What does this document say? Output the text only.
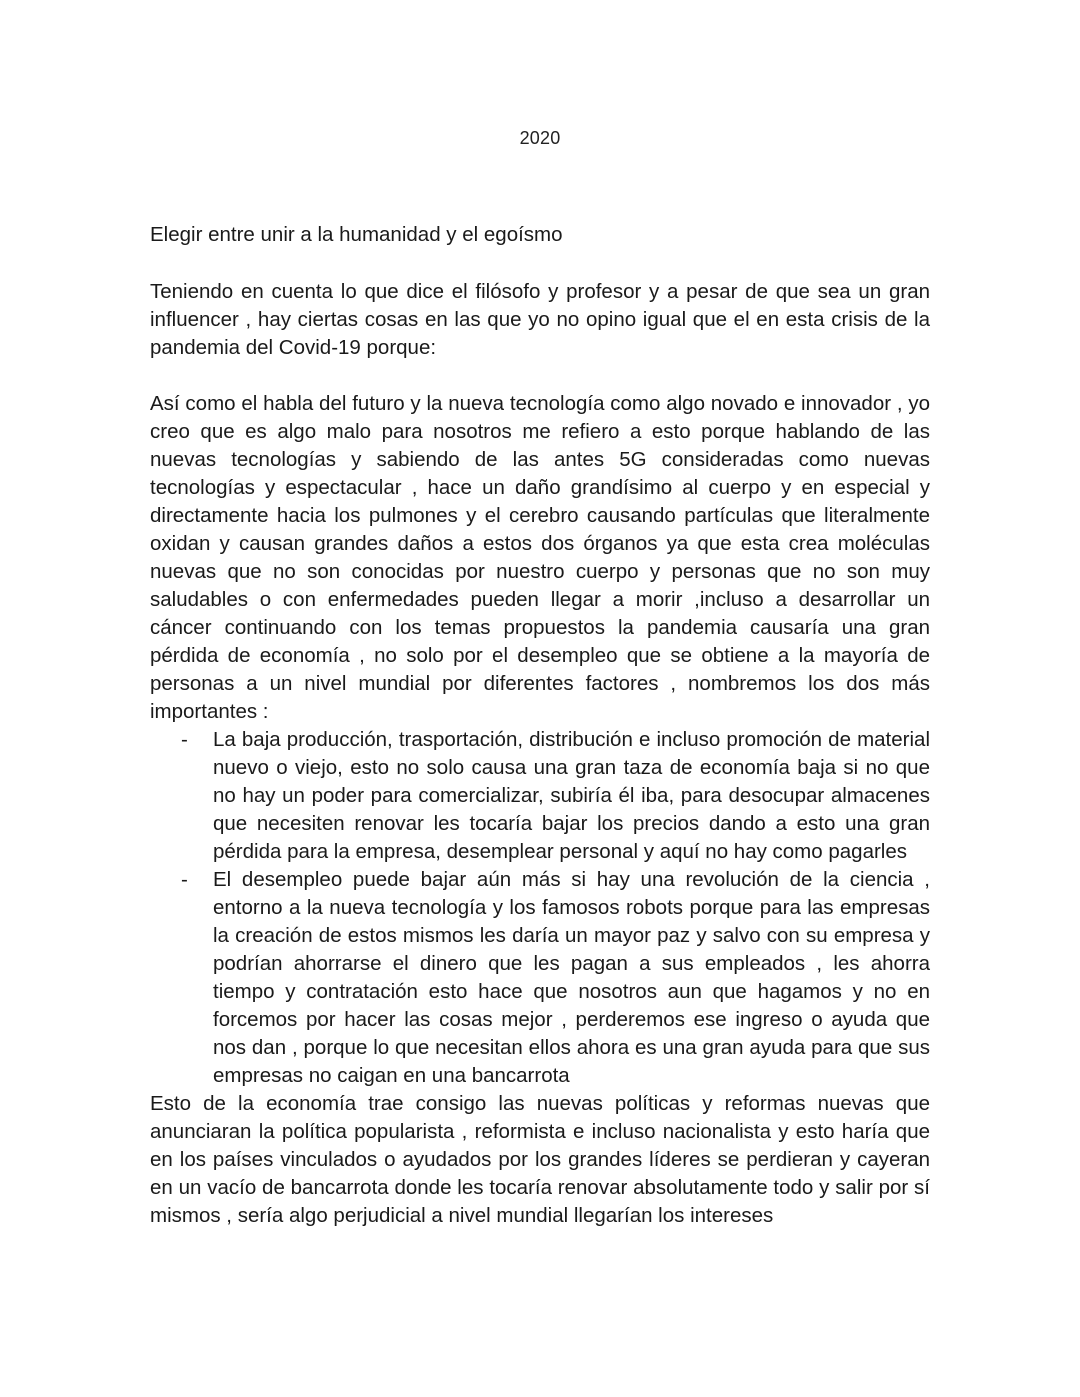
2020
Elegir entre unir a la humanidad y el egoísmo

Teniendo en cuenta lo que dice el filósofo y profesor y a pesar de que sea un gran influencer , hay ciertas cosas en las que yo no opino igual que el en esta crisis de la pandemia del Covid-19 porque:

Así como el habla del futuro y la nueva tecnología como algo novado e innovador , yo creo que es algo malo para nosotros me refiero a esto porque hablando de las nuevas tecnologías y sabiendo de las antes 5G consideradas como nuevas tecnologías y espectacular , hace un daño grandísimo al cuerpo y en especial y directamente hacia los pulmones y el cerebro causando partículas que literalmente oxidan y causan grandes daños a estos dos órganos ya que esta crea moléculas nuevas que no son conocidas por nuestro cuerpo y personas que no son muy saludables o con enfermedades pueden llegar a morir ,incluso a desarrollar un cáncer continuando con los temas propuestos la pandemia causaría una gran pérdida de economía , no solo por el desempleo que se obtiene a la mayoría de personas a un nivel mundial por diferentes factores , nombremos los dos más importantes :

- La baja producción, trasportación, distribución e incluso promoción de material nuevo o viejo, esto no solo causa una gran taza de economía baja si no que no hay un poder para comercializar, subiría él iba, para desocupar almacenes que necesiten renovar les tocaría bajar los precios dando a esto una gran pérdida para la empresa, desemplear personal y aquí no hay como pagarles
- El desempleo puede bajar aún más si hay una revolución de la ciencia , entorno a la nueva tecnología y los famosos robots porque para las empresas la creación de estos mismos les daría un mayor paz y salvo con su empresa y podrían ahorrarse el dinero que les pagan a sus empleados , les ahorra tiempo y contratación esto hace que nosotros aun que hagamos y no en forcemos por hacer las cosas mejor , perderemos ese ingreso o ayuda que nos dan , porque lo que necesitan ellos ahora es una gran ayuda para que sus empresas no caigan en una bancarrota

Esto de la economía trae consigo las nuevas políticas y reformas nuevas que anunciaran la política popularista , reformista e incluso nacionalista y esto haría que en los países vinculados o ayudados por los grandes líderes se perdieran y cayeran en un vacío de bancarrota donde les tocaría renovar absolutamente todo y salir por sí mismos , sería algo perjudicial a nivel mundial llegarían los intereses
